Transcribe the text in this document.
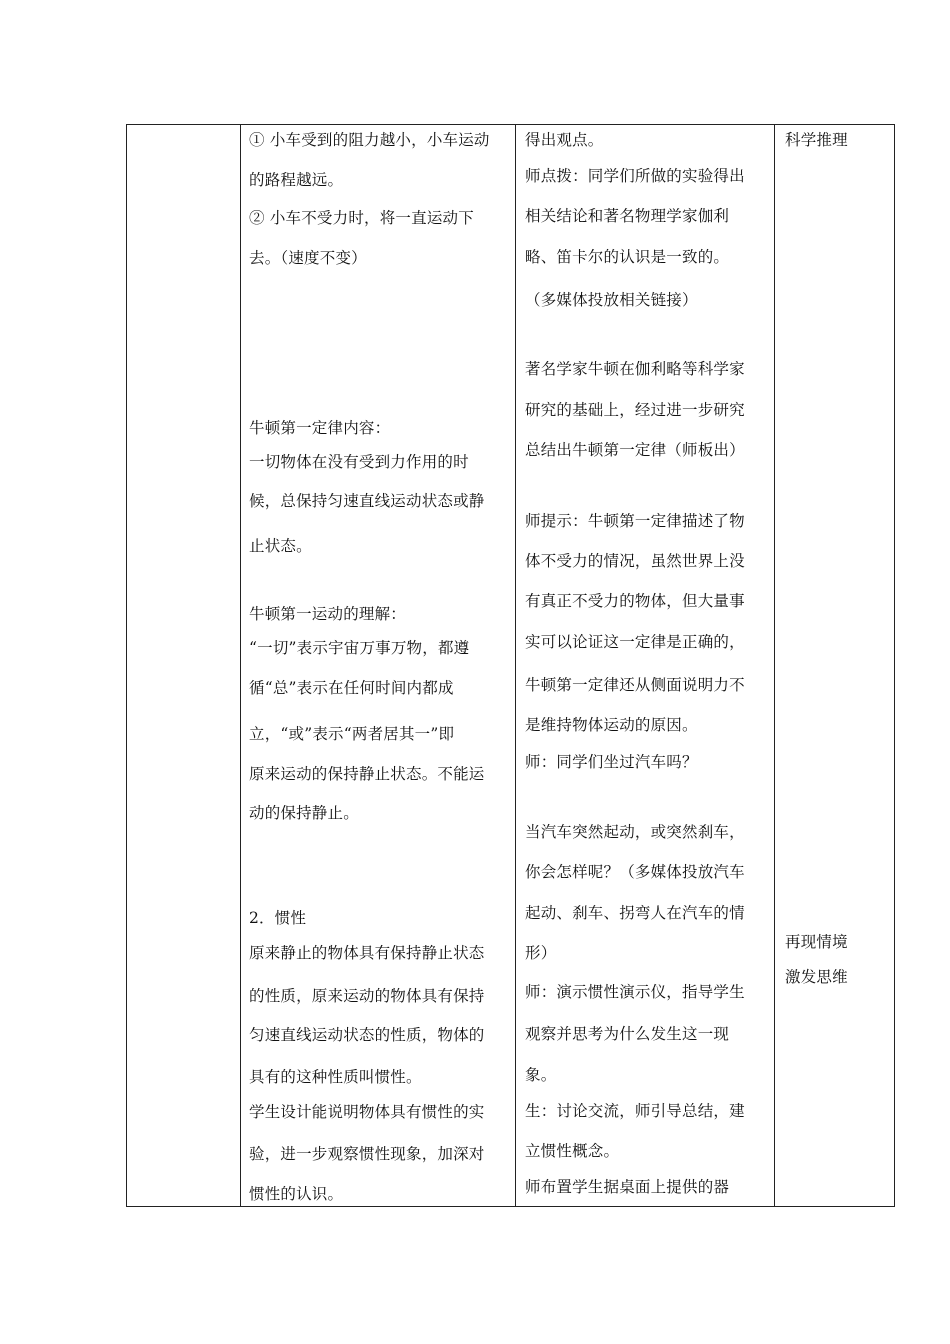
① 小车受到的阻力越小，小车运动

的路程越远。

② 小车不受力时，将一直运动下

去。（速度不变）

牛顿第一定律内容：

一切物体在没有受到力作用的时

候，总保持匀速直线运动状态或静

止状态。

牛顿第一运动的理解：

“一切”表示宇宙万事万物，都遵

循“总”表示在任何时间内都成

立，“或”表示“两者居其一”即

原来运动的保持静止状态。不能运

动的保持静止。

2．惯性

原来静止的物体具有保持静止状态

的性质，原来运动的物体具有保持

匀速直线运动状态的性质，物体的

具有的这种性质叫惯性。

学生设计能说明物体具有惯性的实

验，进一步观察惯性现象，加深对

惯性的认识。

得出观点。

师点拨：同学们所做的实验得出

相关结论和著名物理学家伽利

略、笛卡尔的认识是一致的。

（多媒体投放相关链接）

著名学家牛顿在伽利略等科学家

研究的基础上，经过进一步研究

总结出牛顿第一定律（师板出）

师提示：牛顿第一定律描述了物

体不受力的情况，虽然世界上没

有真正不受力的物体，但大量事

实可以论证这一定律是正确的，

牛顿第一定律还从侧面说明力不

是维持物体运动的原因。

师：同学们坐过汽车吗？

当汽车突然起动，或突然刹车，

你会怎样呢？（多媒体投放汽车

起动、刹车、拐弯人在汽车的情

形）

师：演示惯性演示仪，指导学生

观察并思考为什么发生这一现

象。

生：讨论交流，师引导总结，建

立惯性概念。

师布置学生据桌面上提供的器

科学推理

再现情境

激发思维
